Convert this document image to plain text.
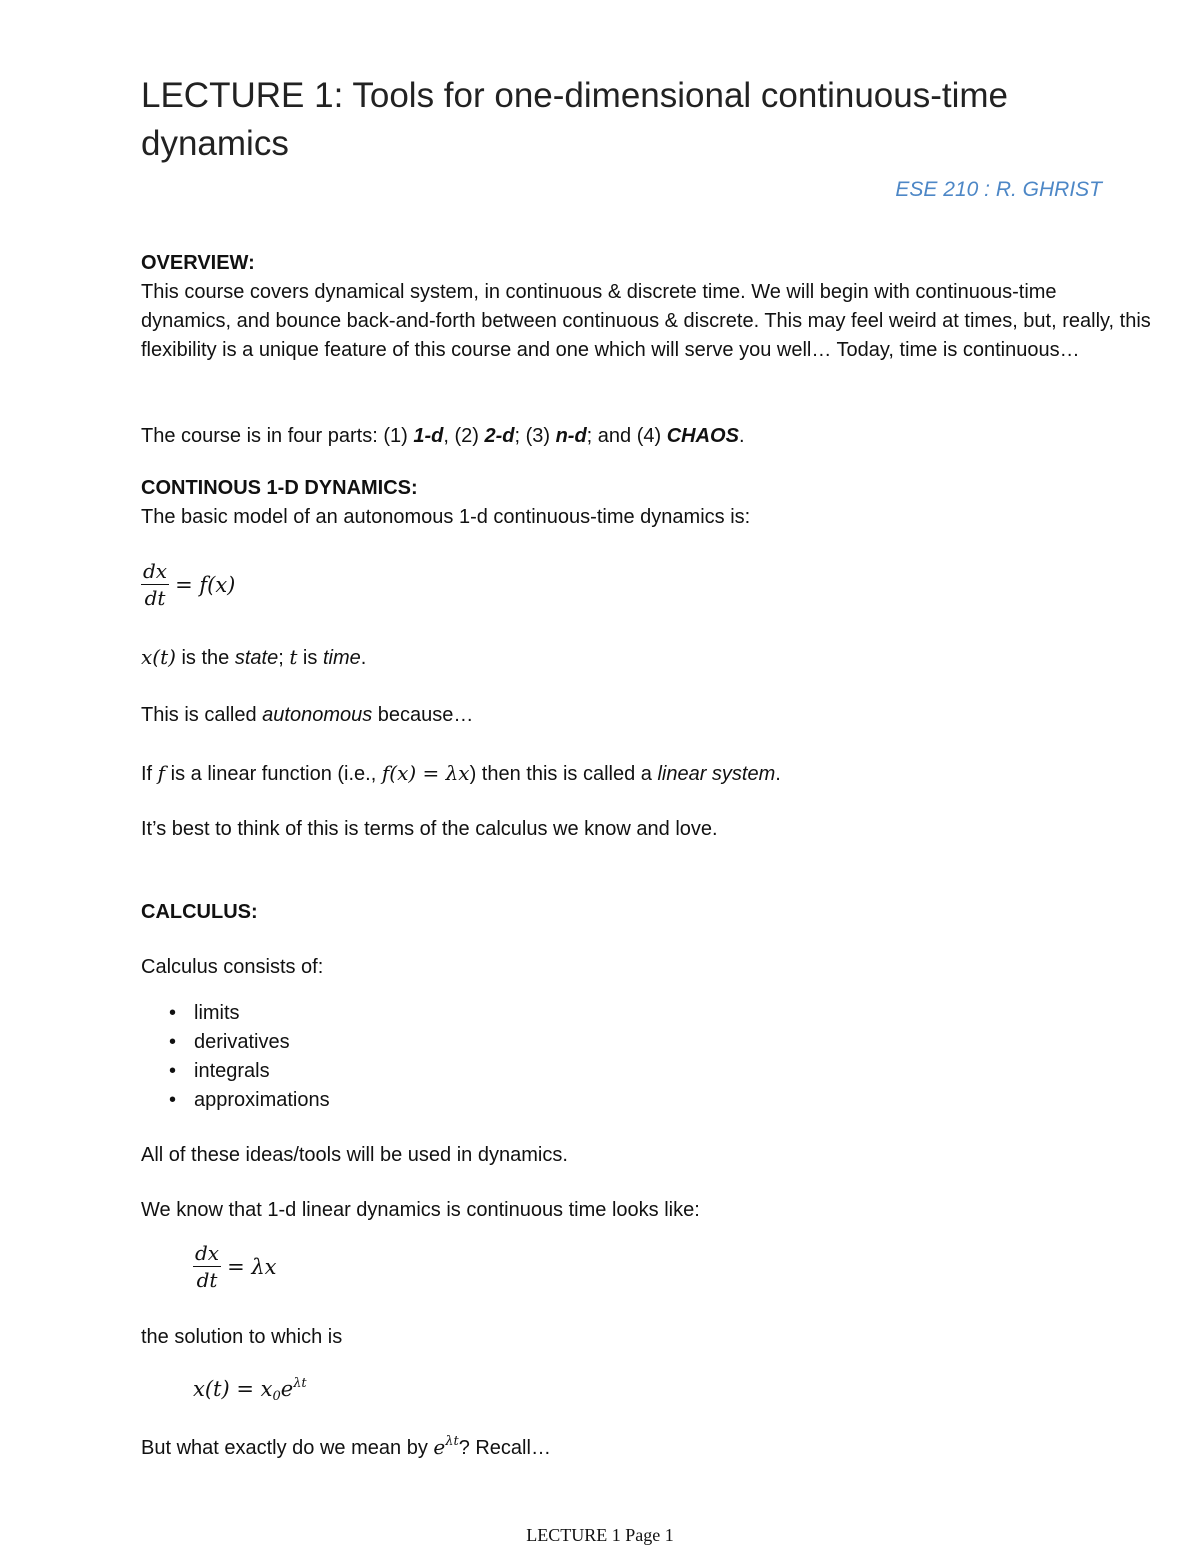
LECTURE 1: Tools for one-dimensional continuous-time dynamics
ESE 210 : R. GHRIST
OVERVIEW:
This course covers dynamical system, in continuous & discrete time. We will begin with continuous-time dynamics, and bounce back-and-forth between continuous & discrete. This may feel weird at times, but, really, this flexibility is a unique feature of this course and one which will serve you well… Today, time is continuous…
The course is in four parts: (1) 1-d, (2) 2-d; (3) n-d; and (4) CHAOS.
CONTINOUS 1-D DYNAMICS:
The basic model of an autonomous 1-d continuous-time dynamics is:
$\frac{dx}{dt} = f(x)$
x(t) is the state; t is time.
This is called autonomous because…
If f is a linear function (i.e., f(x) = λx) then this is called a linear system.
It’s best to think of this is terms of the calculus we know and love.
CALCULUS:
Calculus consists of:
• limits
• derivatives
• integrals
• approximations
All of these ideas/tools will be used in dynamics.
We know that 1-d linear dynamics is continuous time looks like:
$\frac{dx}{dt} = \lambda x$
the solution to which is
$x(t) = x_0e^{\lambda t}$
But what exactly do we mean by $e^{\lambda t}$? Recall…
LECTURE 1 Page 1
